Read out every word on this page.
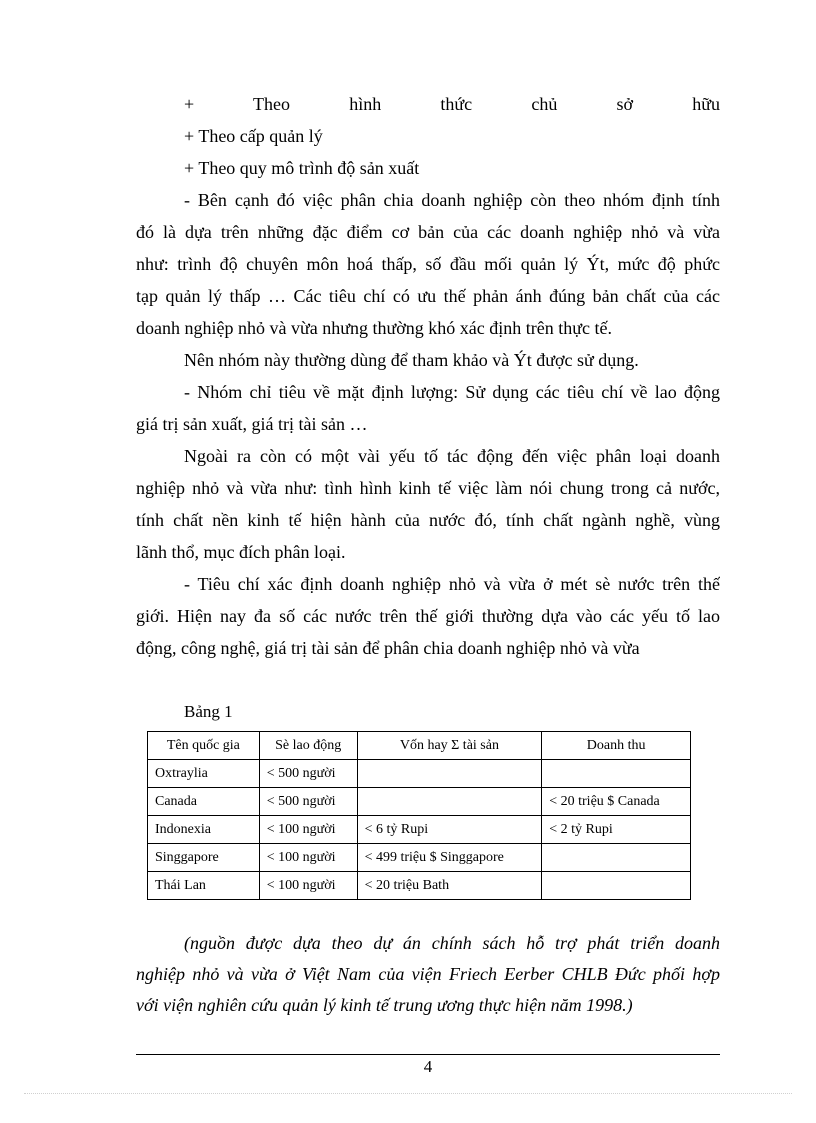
+ Theo hình thức chủ sở hữu
+ Theo cấp quản lý
+ Theo quy mô trình độ sản xuất
- Bên cạnh đó việc phân chia doanh nghiệp còn theo nhóm định tính
đó là dựa trên những đặc điểm cơ bản của các doanh nghiệp nhỏ và vừa
như: trình độ chuyên môn hoá thấp, số đầu mối quản lý Ýt, mức độ phức
tạp quản lý thấp … Các tiêu chí có ưu thế phản ánh đúng bản chất của các
doanh nghiệp nhỏ và vừa nhưng thường khó xác định trên thực tế.
Nên nhóm này thường dùng để tham khảo và Ýt được sử dụng.
- Nhóm chỉ tiêu về mặt định lượng: Sử dụng các tiêu chí về lao động
giá trị sản xuất, giá trị tài sản …
Ngoài ra còn có một vài yếu tố tác động đến việc phân loại doanh
nghiệp nhỏ và vừa như: tình hình kinh tế việc làm nói chung trong cả nước,
tính chất nền kinh tế hiện hành của nước đó, tính chất ngành nghề, vùng
lãnh thổ, mục đích phân loại.
- Tiêu chí xác định doanh nghiệp nhỏ và vừa ở mét sè nước trên thế
giới. Hiện nay đa số các nước trên thế giới thường dựa vào các yếu tố lao
động, công nghệ, giá trị tài sản để phân chia doanh nghiệp nhỏ và vừa
Bảng 1
Tên quốc gia	Sè lao động	Vốn hay Σ tài sản	Doanh thu
Oxtraylia	< 500 người		
Canada	< 500 người		< 20 triệu $ Canada
Indonexia	< 100 người	< 6 tỷ Rupi	< 2 tỷ Rupi
Singgapore	< 100 người	< 499 triệu $ Singgapore	
Thái Lan	< 100 người	< 20 triệu Bath	
(nguồn được dựa theo dự án chính sách hỗ trợ phát triển doanh
nghiệp nhỏ và vừa ở Việt Nam của viện Friech Eerber CHLB Đức phối hợp
với viện nghiên cứu quản lý kinh tế trung ương thực hiện năm 1998.)
4
